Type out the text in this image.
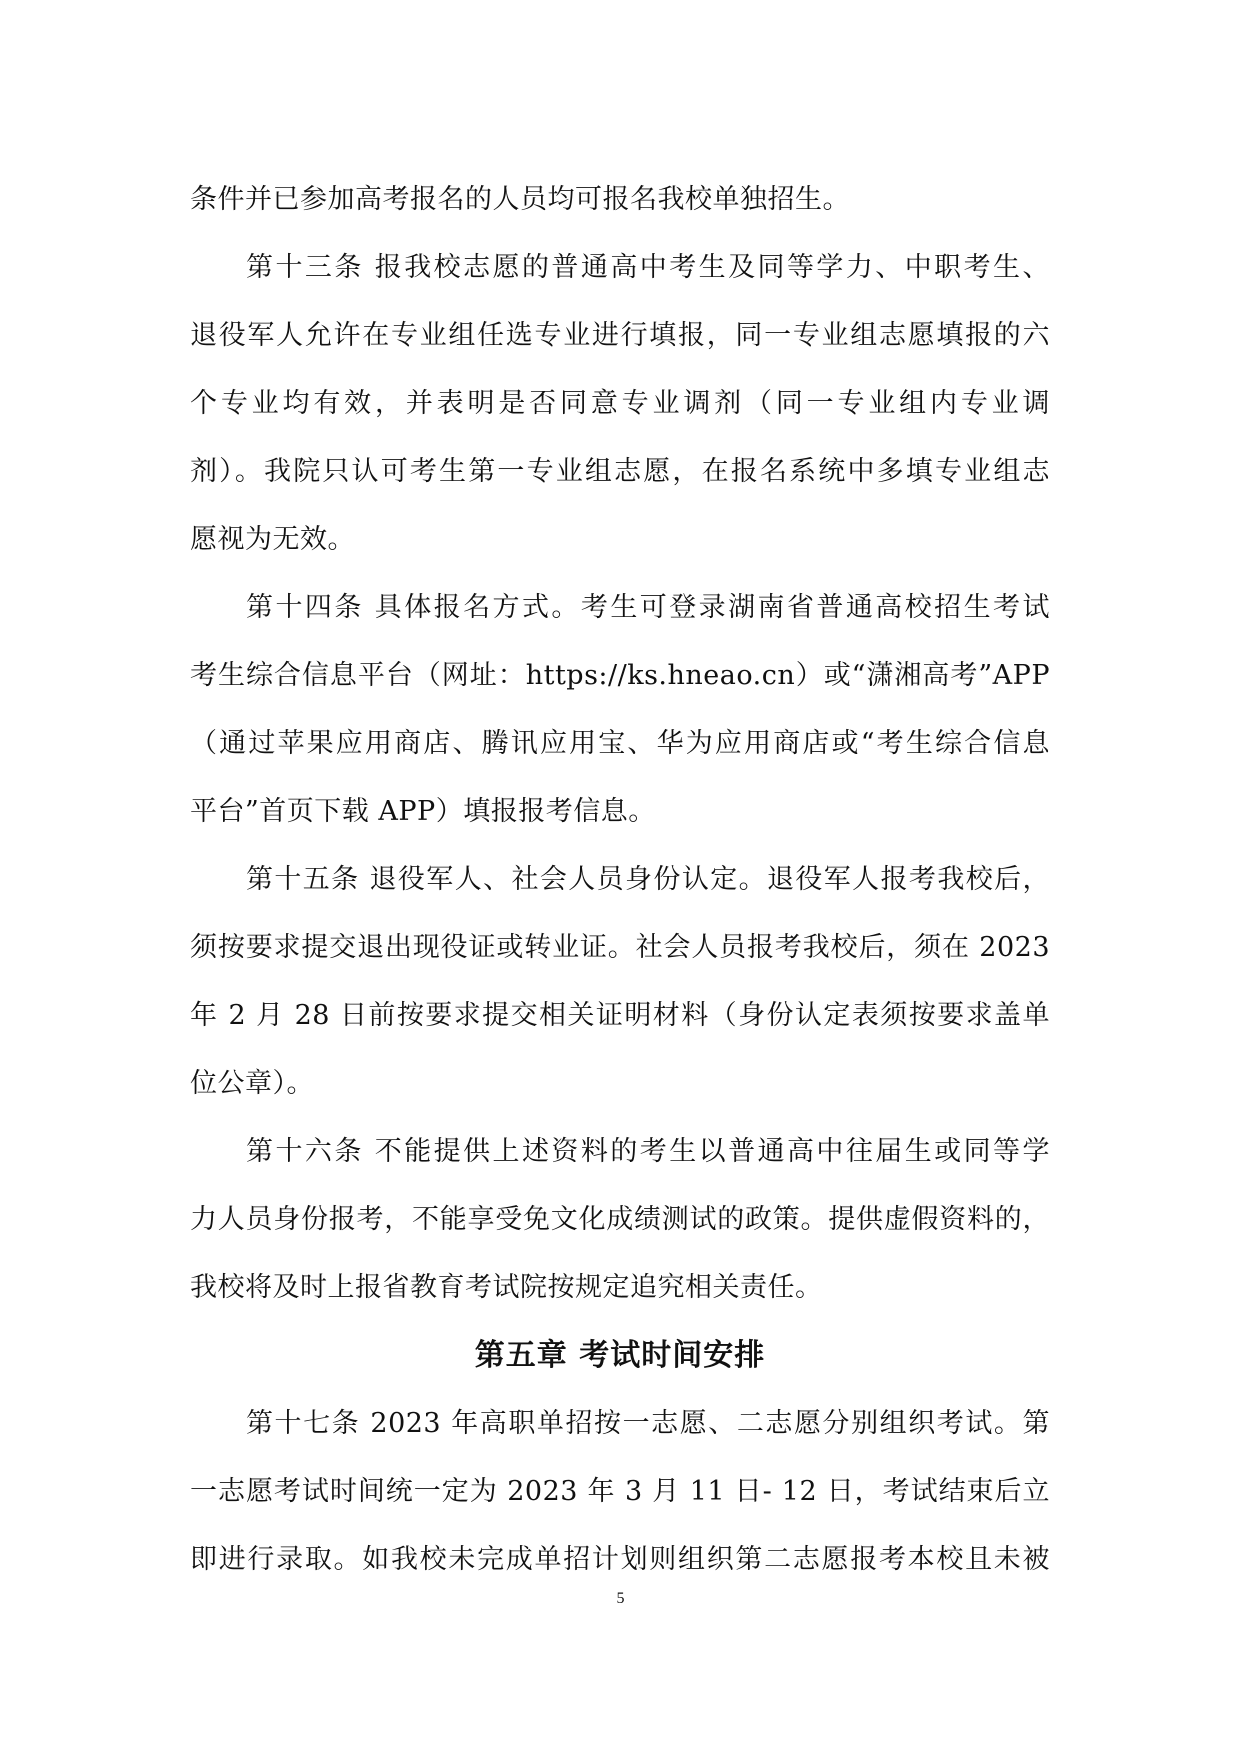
条件并已参加高考报名的人员均可报名我校单独招生。
第十三条 报我校志愿的普通高中考生及同等学力、中职考生、
退役军人允许在专业组任选专业进行填报，同一专业组志愿填报的六
个专业均有效，并表明是否同意专业调剂（同一专业组内专业调
剂）。我院只认可考生第一专业组志愿，在报名系统中多填专业组志
愿视为无效。
第十四条 具体报名方式。考生可登录湖南省普通高校招生考试
考生综合信息平台（网址：https://ks.hneao.cn）或“潇湘高考”APP
（通过苹果应用商店、腾讯应用宝、华为应用商店或“考生综合信息
平台”首页下载 APP）填报报考信息。
第十五条 退役军人、社会人员身份认定。退役军人报考我校后，
须按要求提交退出现役证或转业证。社会人员报考我校后，须在 2023
年 2 月 28 日前按要求提交相关证明材料（身份认定表须按要求盖单
位公章）。
第十六条 不能提供上述资料的考生以普通高中往届生或同等学
力人员身份报考，不能享受免文化成绩测试的政策。提供虚假资料的，
我校将及时上报省教育考试院按规定追究相关责任。
第五章 考试时间安排
第十七条 2023 年高职单招按一志愿、二志愿分别组织考试。第
一志愿考试时间统一定为 2023 年 3 月 11 日- 12 日，考试结束后立
即进行录取。如我校未完成单招计划则组织第二志愿报考本校且未被
5
